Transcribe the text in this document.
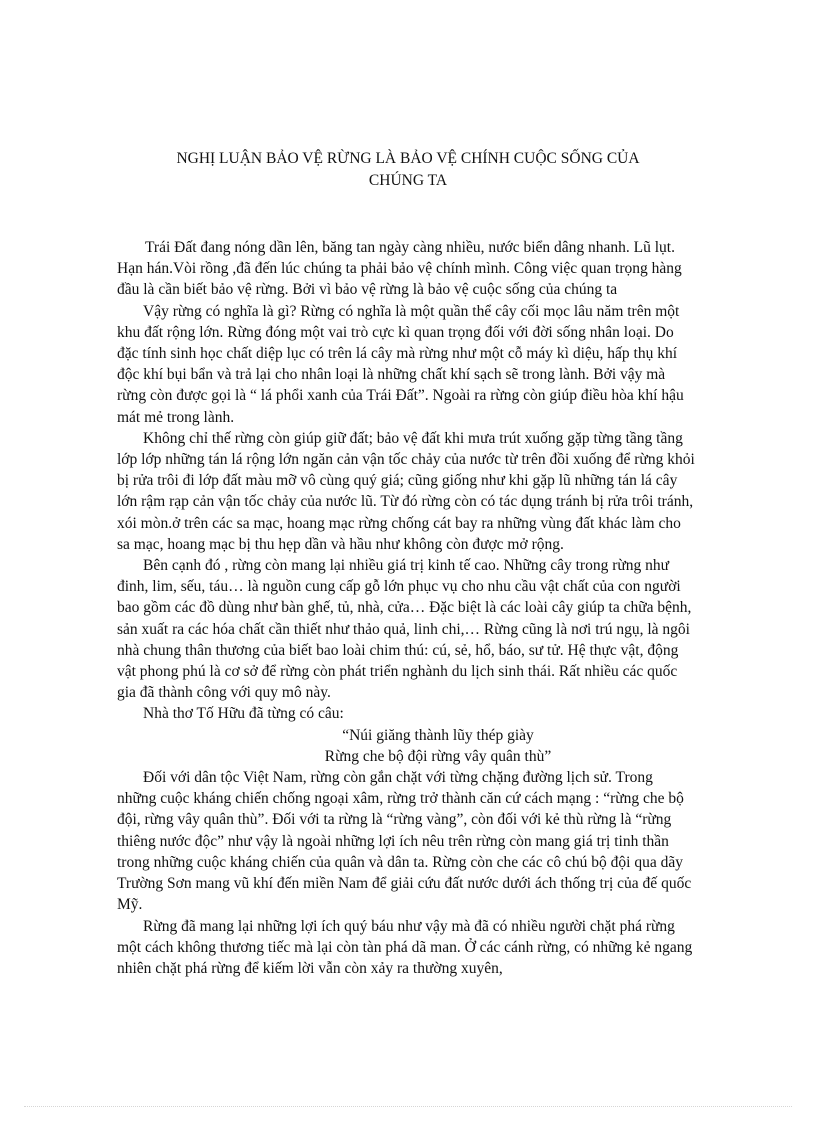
NGHỊ LUẬN BẢO VỆ RỪNG LÀ BẢO VỆ CHÍNH CUỘC SỐNG CỦA
CHÚNG TA

Trái Đất đang nóng dần lên, băng tan ngày càng nhiều, nước biển dâng nhanh. Lũ lụt. Hạn hán.Vòi rồng ,đã đến lúc chúng ta phải bảo vệ chính mình. Công việc quan trọng hàng đầu là cần biết bảo vệ rừng. Bởi vì bảo vệ rừng là bảo vệ cuộc sống của chúng ta

Vậy rừng có nghĩa là gì? Rừng có nghĩa là một quần thể cây cối mọc lâu năm trên một khu đất rộng lớn. Rừng đóng một vai trò cực kì quan trọng đối với đời sống nhân loại. Do đặc tính sinh học chất diệp lục có trên lá cây mà rừng như một cỗ máy kì diệu, hấp thụ khí độc khí bụi bẩn và trả lại cho nhân loại là những chất khí sạch sẽ trong lành. Bởi vậy mà rừng còn được gọi là “ lá phổi xanh của Trái Đất”. Ngoài ra rừng còn giúp điều hòa khí hậu mát mẻ trong lành.

Không chỉ thế rừng còn giúp giữ đất; bảo vệ đất khi mưa trút xuống gặp từng tầng tầng lớp lớp những tán lá rộng lớn ngăn cản vận tốc chảy của nước từ trên đồi xuống để rừng khỏi bị rửa trôi đi lớp đất màu mỡ vô cùng quý giá; cũng giống như khi gặp lũ những tán lá cây lớn rậm rạp cản vận tốc chảy của nước lũ. Từ đó rừng còn có tác dụng tránh bị rửa trôi tránh, xói mòn.ở trên các sa mạc, hoang mạc rừng chống cát bay ra những vùng đất khác làm cho sa mạc, hoang mạc bị thu hẹp dần và hầu như không còn được mở rộng.

Bên cạnh đó , rừng còn mang lại nhiều giá trị kinh tế cao. Những cây trong rừng như đinh, lim, sếu, táu… là nguồn cung cấp gỗ lớn phục vụ cho nhu cầu vật chất của con người bao gồm các đồ dùng như bàn ghế, tủ, nhà, cửa… Đặc biệt là các loài cây giúp ta chữa bệnh, sản xuất ra các hóa chất cần thiết như thảo quả, linh chi,… Rừng cũng là nơi trú ngụ, là ngôi nhà chung thân thương của biết bao loài chim thú: cú, sẻ, hổ, báo, sư tử. Hệ thực vật, động vật phong phú là cơ sở để rừng còn phát triển nghành du lịch sinh thái. Rất nhiều các quốc gia đã thành công với quy mô này.

Nhà thơ Tố Hữu đã từng có câu:

“Núi giăng thành lũy thép giày

Rừng che bộ đội rừng vây quân thù”

Đối với dân tộc Việt Nam, rừng còn gắn chặt với từng chặng đường lịch sử. Trong những cuộc kháng chiến chống ngoại xâm, rừng trở thành căn cứ cách mạng : “rừng che bộ đội, rừng vây quân thù”. Đối với ta rừng là “rừng vàng”, còn đối với kẻ thù rừng là “rừng thiêng nước độc” như vậy là ngoài những lợi ích nêu trên rừng còn mang giá trị tinh thần trong những cuộc kháng chiến của quân và dân ta. Rừng còn che các cô chú bộ đội qua dãy Trường Sơn mang vũ khí đến miền Nam để giải cứu đất nước dưới ách thống trị của đế quốc Mỹ.

Rừng đã mang lại những lợi ích quý báu như vậy mà đã có nhiều người chặt phá rừng một cách không thương tiếc mà lại còn tàn phá dã man. Ở các cánh rừng, có những kẻ ngang nhiên chặt phá rừng để kiếm lời vẫn còn xảy ra thường xuyên,
